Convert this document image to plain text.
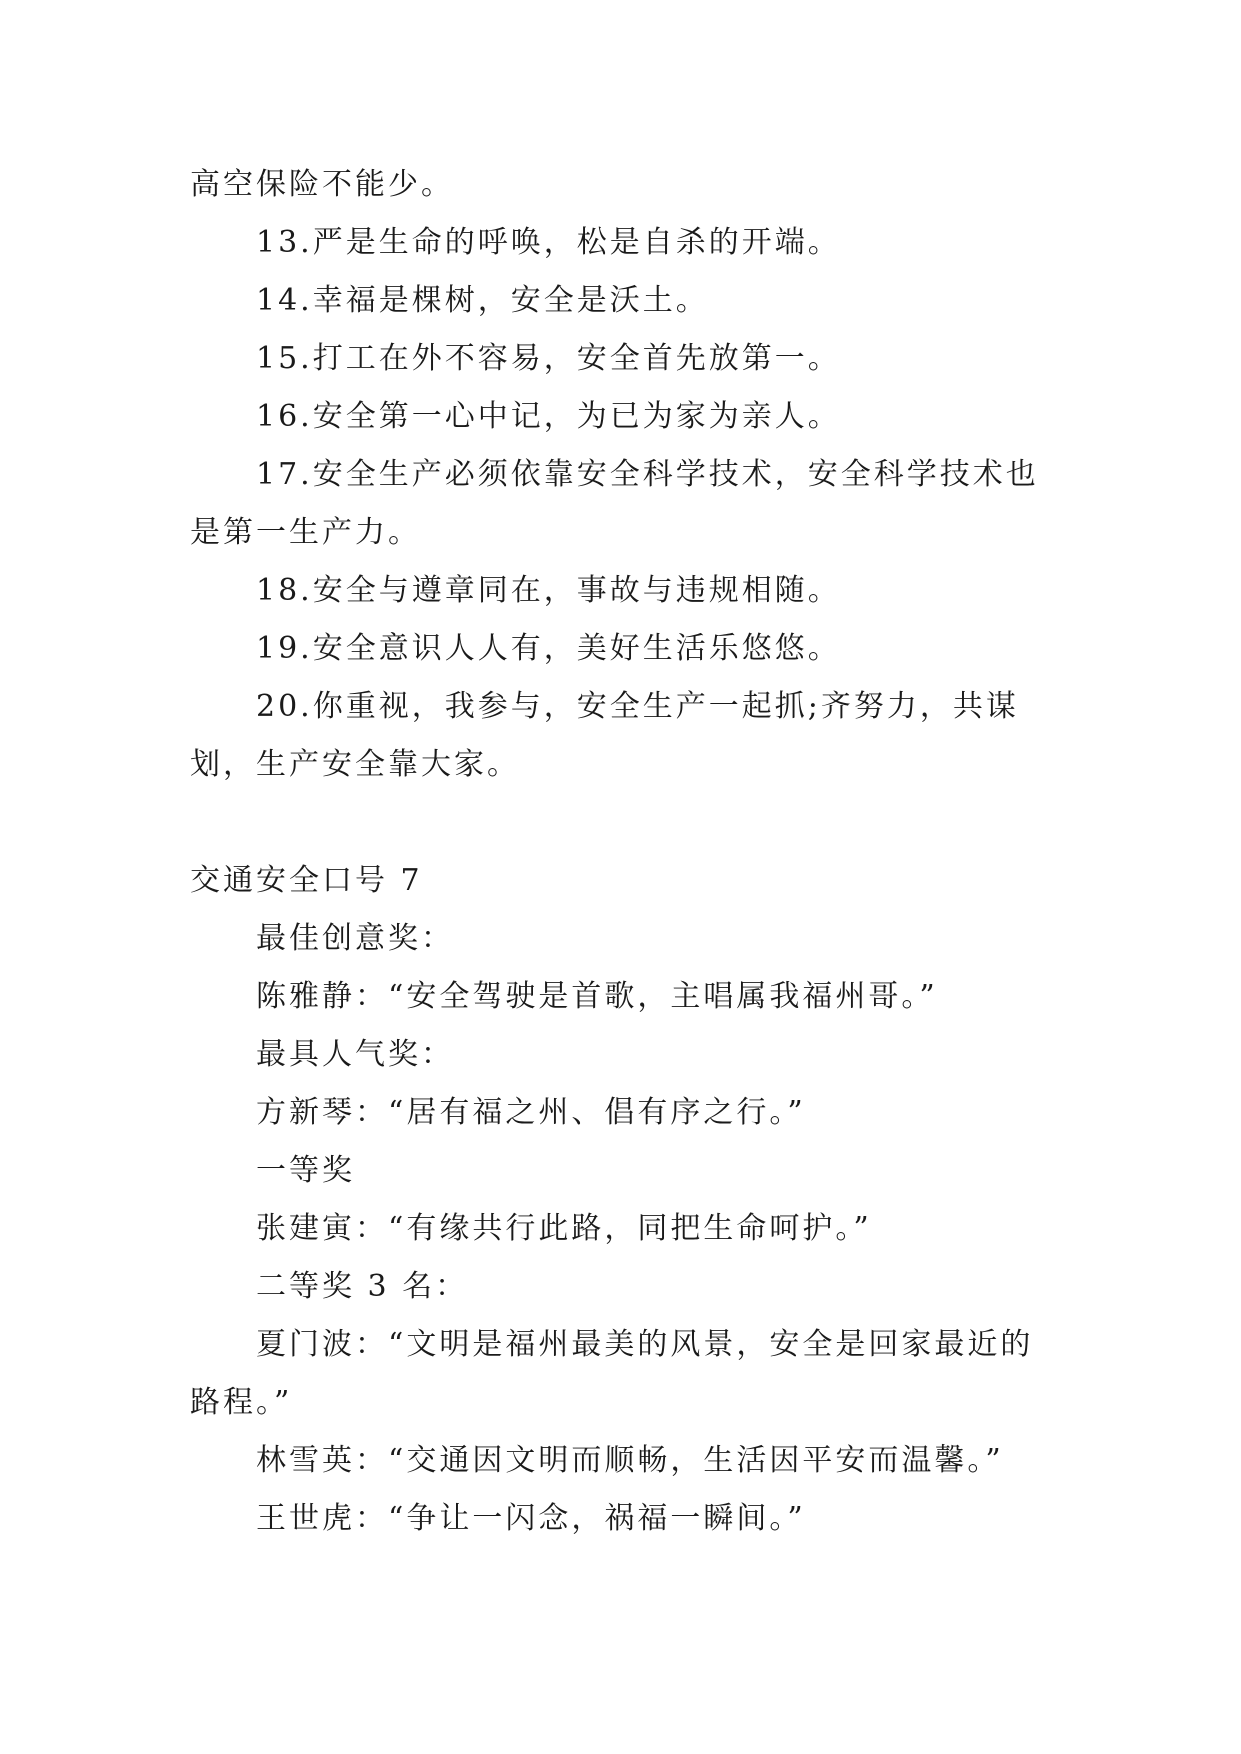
高空保险不能少。

13.严是生命的呼唤，松是自杀的开端。

14.幸福是棵树，安全是沃土。

15.打工在外不容易，安全首先放第一。

16.安全第一心中记，为已为家为亲人。

17.安全生产必须依靠安全科学技术，安全科学技术也是第一生产力。

18.安全与遵章同在，事故与违规相随。

19.安全意识人人有，美好生活乐悠悠。

20.你重视，我参与，安全生产一起抓;齐努力，共谋划，生产安全靠大家。

交通安全口号 7

最佳创意奖：

陈雅静：“安全驾驶是首歌，主唱属我福州哥。”

最具人气奖：

方新琴：“居有福之州、倡有序之行。”

一等奖

张建寅：“有缘共行此路，同把生命呵护。”

二等奖 3 名：

夏门波：“文明是福州最美的风景，安全是回家最近的路程。”

林雪英：“交通因文明而顺畅，生活因平安而温馨。”

王世虎：“争让一闪念，祸福一瞬间。”
